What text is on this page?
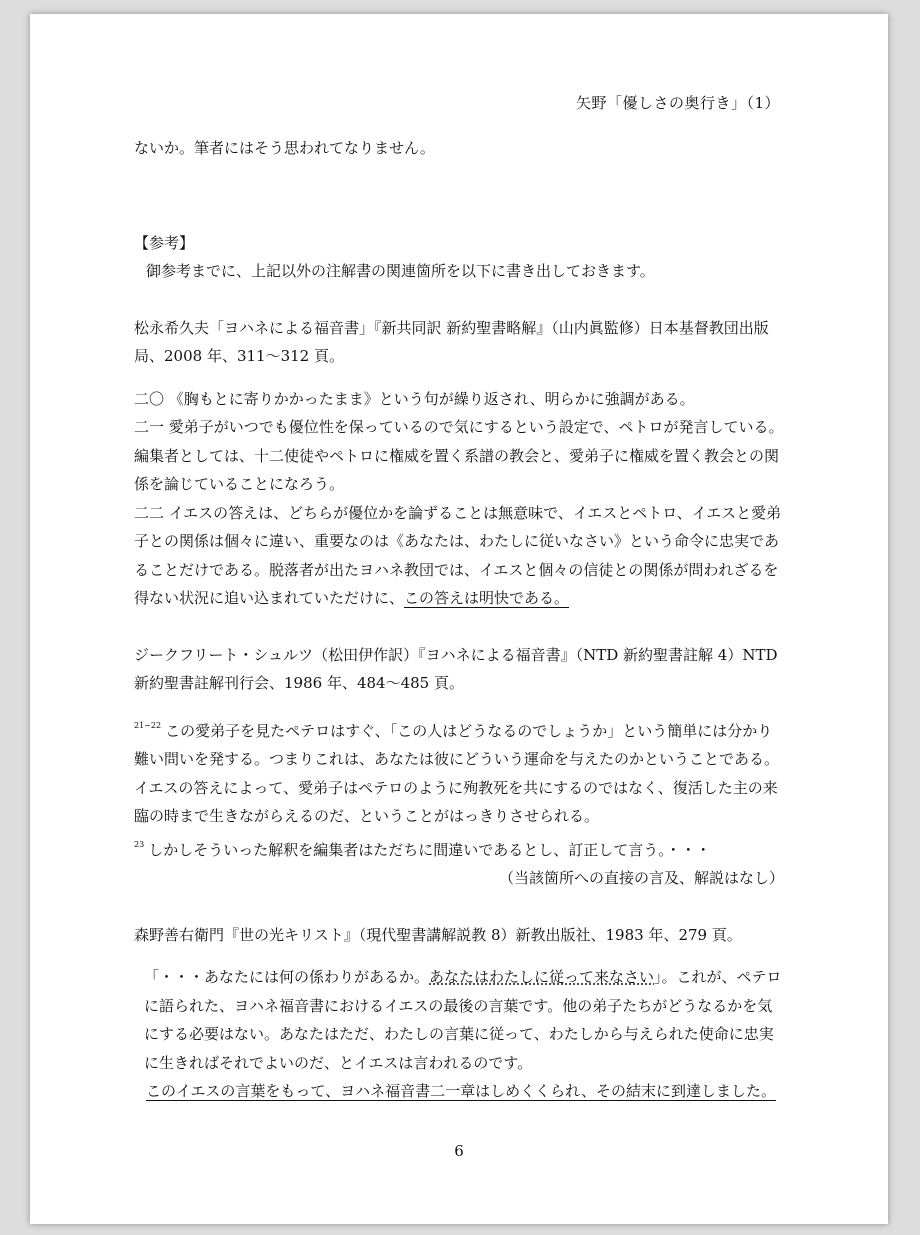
矢野「優しさの奥行き」（1）

ないか。筆者にはそう思われてなりません。

【参考】

御参考までに、上記以外の注解書の関連箇所を以下に書き出しておきます。

松永希久夫「ヨハネによる福音書」『新共同訳 新約聖書略解』（山内眞監修）日本基督教団出版局、2008 年、311〜312 頁。

二〇 《胸もとに寄りかかったまま》という句が繰り返され、明らかに強調がある。

二一 愛弟子がいつでも優位性を保っているので気にするという設定で、ペトロが発言している。編集者としては、十二使徒やペトロに権威を置く系譜の教会と、愛弟子に権威を置く教会との関係を論じていることになろう。

二二 イエスの答えは、どちらが優位かを論ずることは無意味で、イエスとペトロ、イエスと愛弟子との関係は個々に違い、重要なのは《あなたは、わたしに従いなさい》という命令に忠実であることだけである。脱落者が出たヨハネ教団では、イエスと個々の信徒との関係が問われざるを得ない状況に追い込まれていただけに、この答えは明快である。

ジークフリート・シュルツ（松田伊作訳）『ヨハネによる福音書』（NTD 新約聖書註解 4）NTD 新約聖書註解刊行会、1986 年、484〜485 頁。

$^{21-22}$ この愛弟子を見たペテロはすぐ、「この人はどうなるのでしょうか」という簡単には分かり難い問いを発する。つまりこれは、あなたは彼にどういう運命を与えたのかということである。イエスの答えによって、愛弟子はペテロのように殉教死を共にするのではなく、復活した主の来臨の時まで生きながらえるのだ、ということがはっきりさせられる。

$^{23}$ しかしそういった解釈を編集者はただちに間違いであるとし、訂正して言う。・・・

（当該箇所への直接の言及、解説はなし）

森野善右衛門『世の光キリスト』（現代聖書講解説教 8）新教出版社、1983 年、279 頁。

「・・・あなたには何の係わりがあるか。あなたはわたしに従って来なさい」。これが、ペテロに語られた、ヨハネ福音書におけるイエスの最後の言葉です。他の弟子たちがどうなるかを気にする必要はない。あなたはただ、わたしの言葉に従って、わたしから与えられた使命に忠実に生きればそれでよいのだ、とイエスは言われるのです。

このイエスの言葉をもって、ヨハネ福音書二一章はしめくくられ、その結末に到達しました。

6
